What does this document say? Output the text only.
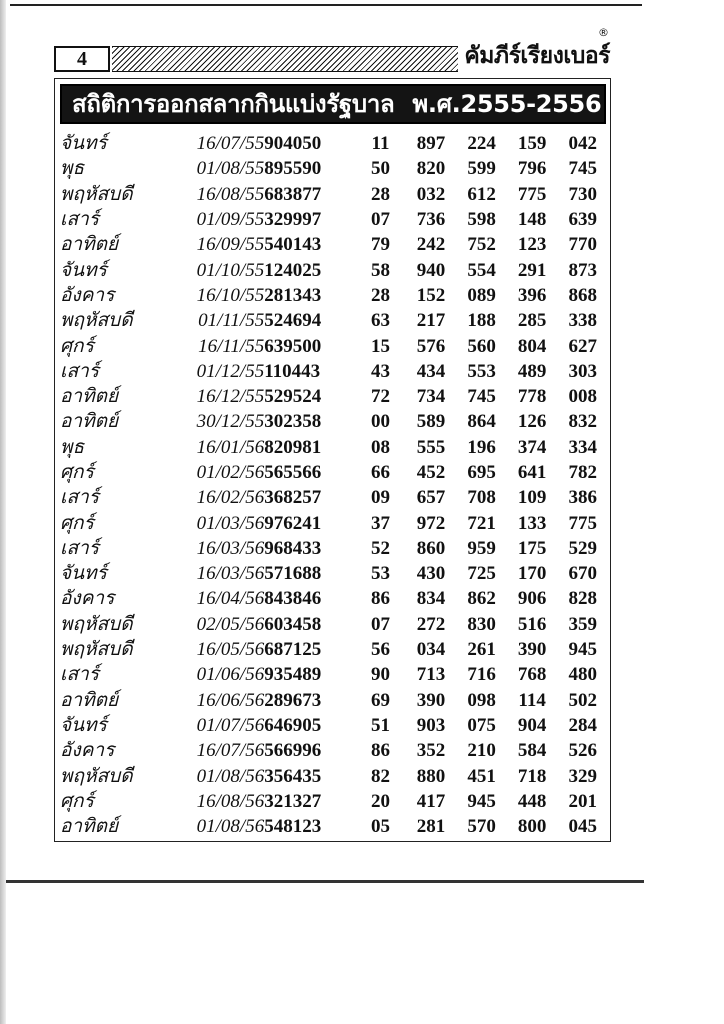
4	คัมภีร์เรียงเบอร์
®
สถิติการออกสลากกินแบ่งรัฐบาล พ.ศ.2555-2556
จันทร์	16/07/55	904050	11	897	224	159	042
พุธ	01/08/55	895590	50	820	599	796	745
พฤหัสบดี	16/08/55	683877	28	032	612	775	730
เสาร์	01/09/55	329997	07	736	598	148	639
อาทิตย์	16/09/55	540143	79	242	752	123	770
จันทร์	01/10/55	124025	58	940	554	291	873
อังคาร	16/10/55	281343	28	152	089	396	868
พฤหัสบดี	01/11/55	524694	63	217	188	285	338
ศุกร์	16/11/55	639500	15	576	560	804	627
เสาร์	01/12/55	110443	43	434	553	489	303
อาทิตย์	16/12/55	529524	72	734	745	778	008
อาทิตย์	30/12/55	302358	00	589	864	126	832
พุธ	16/01/56	820981	08	555	196	374	334
ศุกร์	01/02/56	565566	66	452	695	641	782
เสาร์	16/02/56	368257	09	657	708	109	386
ศุกร์	01/03/56	976241	37	972	721	133	775
เสาร์	16/03/56	968433	52	860	959	175	529
จันทร์	16/03/56	571688	53	430	725	170	670
อังคาร	16/04/56	843846	86	834	862	906	828
พฤหัสบดี	02/05/56	603458	07	272	830	516	359
พฤหัสบดี	16/05/56	687125	56	034	261	390	945
เสาร์	01/06/56	935489	90	713	716	768	480
อาทิตย์	16/06/56	289673	69	390	098	114	502
จันทร์	01/07/56	646905	51	903	075	904	284
อังคาร	16/07/56	566996	86	352	210	584	526
พฤหัสบดี	01/08/56	356435	82	880	451	718	329
ศุกร์	16/08/56	321327	20	417	945	448	201
อาทิตย์	01/08/56	548123	05	281	570	800	045
